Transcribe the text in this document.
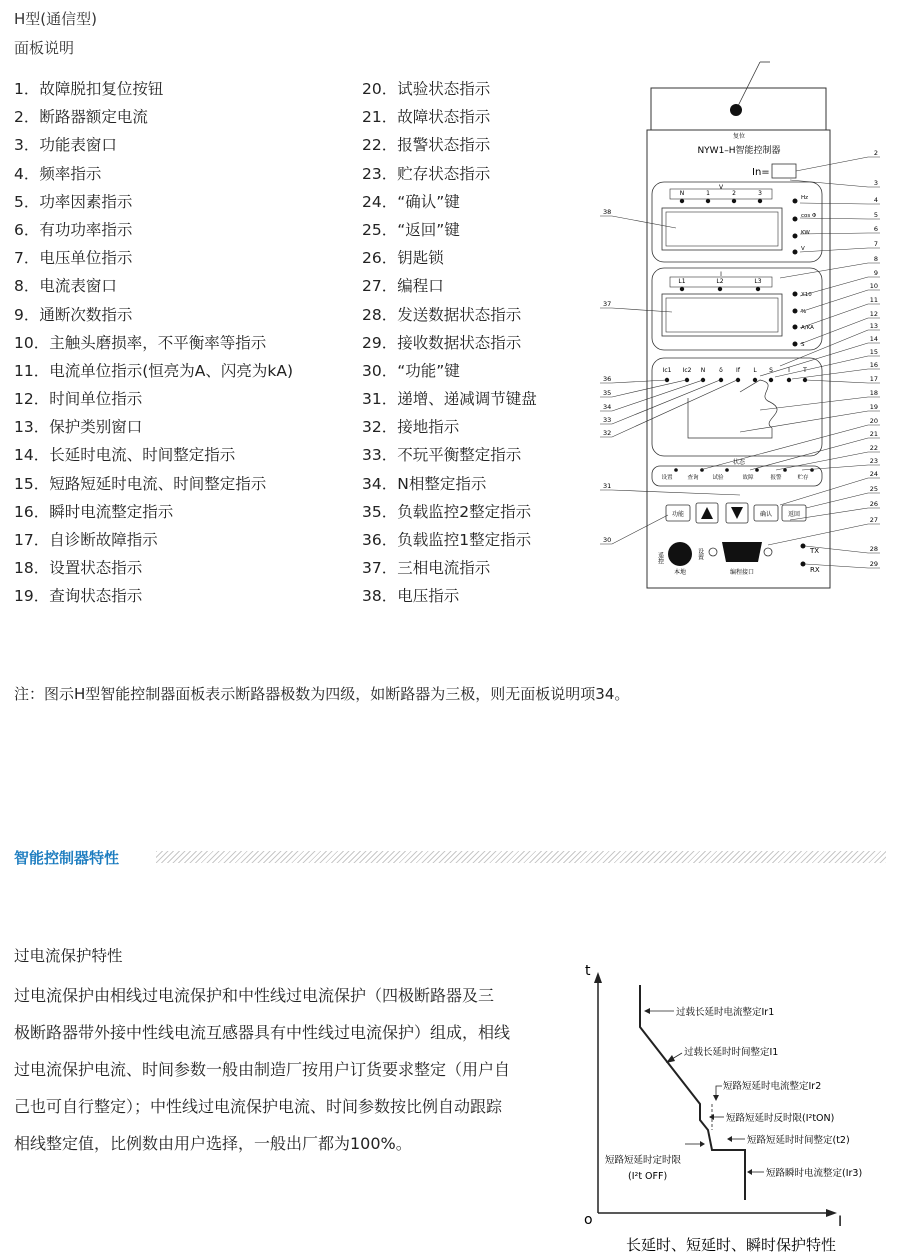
H型(通信型)
面板说明
1．故障脱扣复位按钮
2．断路器额定电流
3．功能表窗口
4．频率指示
5．功率因素指示
6．有功功率指示
7．电压单位指示
8．电流表窗口
9．通断次数指示
10．主触头磨损率，不平衡率等指示
11．电流单位指示(恒亮为A、闪亮为kA)
12．时间单位指示
13．保护类别窗口
14．长延时电流、时间整定指示
15．短路短延时电流、时间整定指示
16．瞬时电流整定指示
17．自诊断故障指示
18．设置状态指示
19．查询状态指示
20．试验状态指示
21．故障状态指示
22．报警状态指示
23．贮存状态指示
24．“确认”键
25．“返回”键
26．钥匙锁
27．编程口
28．发送数据状态指示
29．接收数据状态指示
30．“功能”键
31．递增、递减调节键盘
32．接地指示
33．不玩平衡整定指示
34．N相整定指示
35．负载监控2整定指示
36．负载监控1整定指示
37．三相电流指示
38．电压指示
复位
NYW1–H智能控制器
In=
V
N	1	2	3
Hz
cos Φ
KW
V
I
L1	L2	L3
X10
%
A/KA
S
Ic1 Ic2 N δ If L S	I T
状态
设置	查询	试验	故障	报警	贮存
功能	确认	返回
遥控
本地
设置
编程接口
TX
RX
2
3
4
5
6
7
8
9
10
11
12
13
14
15
16
17
18
19
20
21
22
23
24
25
26
27
28
29
38
37
36
35
34
33
32
31
30
注：图示H型智能控制器面板表示断路器极数为四级，如断路器为三极，则无面板说明项34。
智能控制器特性
过电流保护特性
过电流保护由相线过电流保护和中性线过电流保护（四极断路器及三
极断路器带外接中性线电流互感器具有中性线过电流保护）组成，相线
过电流保护电流、时间参数一般由制造厂按用户订货要求整定（用户自
己也可自行整定）；中性线过电流保护电流、时间参数按比例自动跟踪
相线整定值，比例数由用户选择，一般出厂都为100%。
t
I
o
过载长延时电流整定Ir1
过载长延时时间整定I1
短路短延时电流整定Ir2
短路短延时反时限(I²tON)
短路短延时时间整定(t2)
短路短延时定时限
(I²t OFF)	短路瞬时电流整定(Ir3)
长延时、短延时、瞬时保护特性
